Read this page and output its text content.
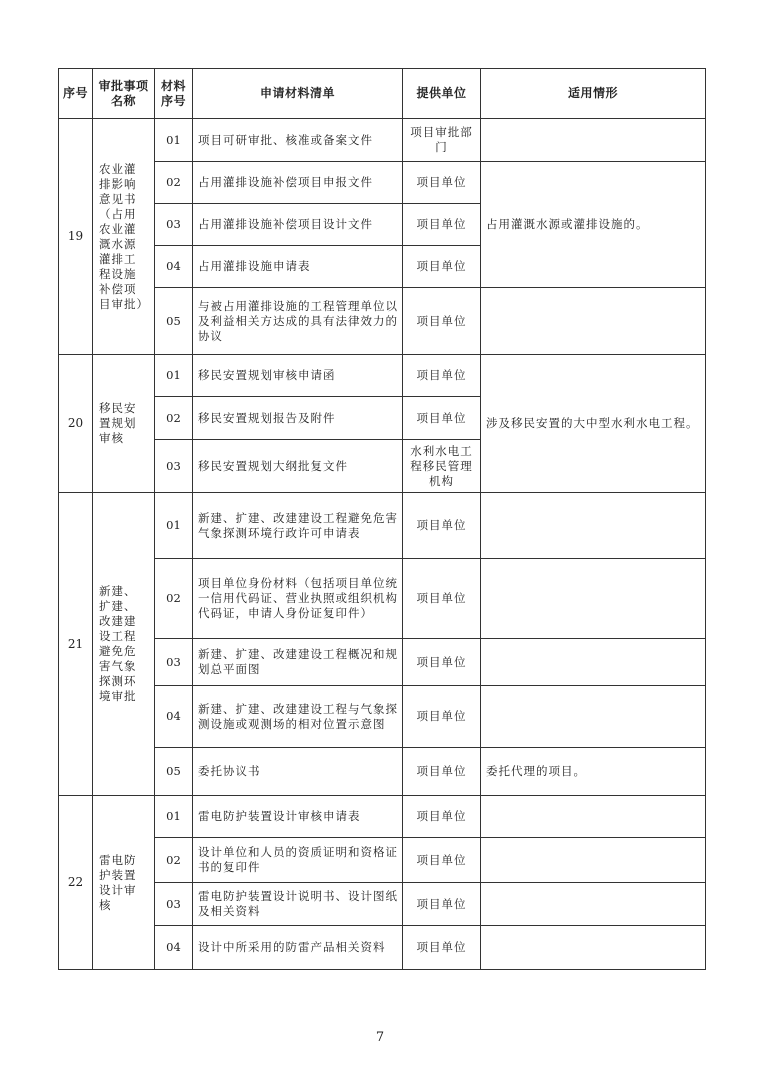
序号	审批事项名称	材料序号	申请材料清单	提供单位	适用情形
19	农业灌排影响意见书（占用农业灌溉水源灌排工程设施补偿项目审批）	01	项目可研审批、核准或备案文件	项目审批部门	
		02	占用灌排设施补偿项目申报文件	项目单位	占用灌溉水源或灌排设施的。
		03	占用灌排设施补偿项目设计文件	项目单位	
		04	占用灌排设施申请表	项目单位	
		05	与被占用灌排设施的工程管理单位以及利益相关方达成的具有法律效力的协议	项目单位	
20	移民安置规划审核	01	移民安置规划审核申请函	项目单位	涉及移民安置的大中型水利水电工程。
		02	移民安置规划报告及附件	项目单位	
		03	移民安置规划大纲批复文件	水利水电工程移民管理机构	
21	新建、扩建、改建建设工程避免危害气象探测环境审批	01	新建、扩建、改建建设工程避免危害气象探测环境行政许可申请表	项目单位	
		02	项目单位身份材料（包括项目单位统一信用代码证、营业执照或组织机构代码证，申请人身份证复印件）	项目单位	
		03	新建、扩建、改建建设工程概况和规划总平面图	项目单位	
		04	新建、扩建、改建建设工程与气象探测设施或观测场的相对位置示意图	项目单位	
		05	委托协议书	项目单位	委托代理的项目。
22	雷电防护装置设计审核	01	雷电防护装置设计审核申请表	项目单位	
		02	设计单位和人员的资质证明和资格证书的复印件	项目单位	
		03	雷电防护装置设计说明书、设计图纸及相关资料	项目单位	
		04	设计中所采用的防雷产品相关资料	项目单位	
7
